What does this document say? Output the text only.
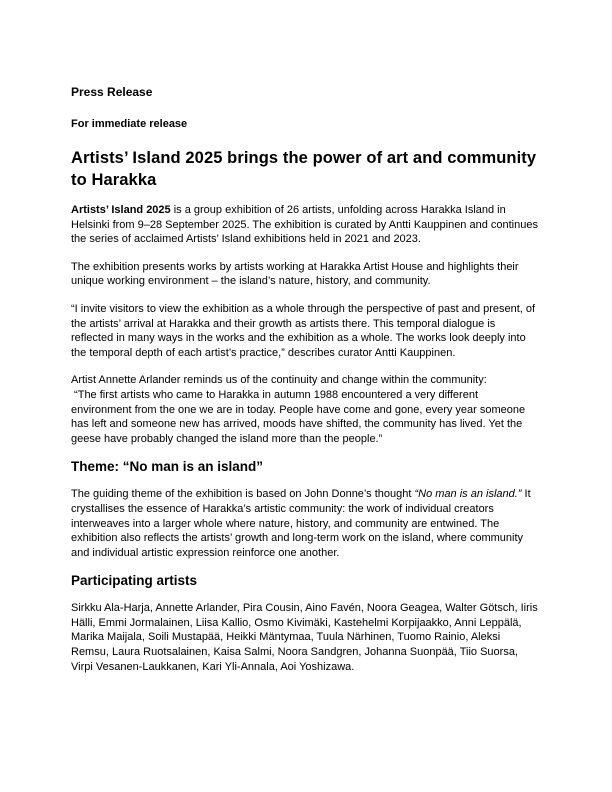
Press Release
For immediate release
Artists’ Island 2025 brings the power of art and community to Harakka

Artists’ Island 2025 is a group exhibition of 26 artists, unfolding across Harakka Island in Helsinki from 9–28 September 2025. The exhibition is curated by Antti Kauppinen and continues the series of acclaimed Artists’ Island exhibitions held in 2021 and 2023.

The exhibition presents works by artists working at Harakka Artist House and highlights their unique working environment – the island’s nature, history, and community.

“I invite visitors to view the exhibition as a whole through the perspective of past and present, of the artists’ arrival at Harakka and their growth as artists there. This temporal dialogue is reflected in many ways in the works and the exhibition as a whole. The works look deeply into the temporal depth of each artist’s practice,” describes curator Antti Kauppinen.

Artist Annette Arlander reminds us of the continuity and change within the community:
“The first artists who came to Harakka in autumn 1988 encountered a very different environment from the one we are in today. People have come and gone, every year someone has left and someone new has arrived, moods have shifted, the community has lived. Yet the geese have probably changed the island more than the people.”

Theme: “No man is an island”

The guiding theme of the exhibition is based on John Donne’s thought “No man is an island.” It crystallises the essence of Harakka’s artistic community: the work of individual creators interweaves into a larger whole where nature, history, and community are entwined. The exhibition also reflects the artists’ growth and long-term work on the island, where community and individual artistic expression reinforce one another.

Participating artists

Sirkku Ala-Harja, Annette Arlander, Pira Cousin, Aino Favén, Noora Geagea, Walter Götsch, Iiris Hälli, Emmi Jormalainen, Liisa Kallio, Osmo Kivimäki, Kastehelmi Korpijaakko, Anni Leppälä, Marika Maijala, Soili Mustapää, Heikki Mäntymaa, Tuula Närhinen, Tuomo Rainio, Aleksi Remsu, Laura Ruotsalainen, Kaisa Salmi, Noora Sandgren, Johanna Suonpää, Tiio Suorsa, Virpi Vesanen-Laukkanen, Kari Yli-Annala, Aoi Yoshizawa.
